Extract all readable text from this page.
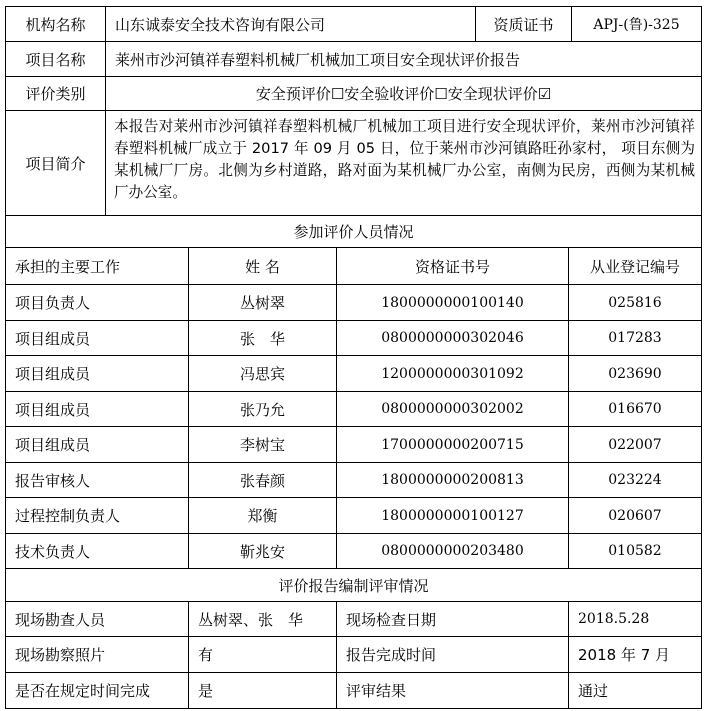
机构名称	山东诚泰安全技术咨询有限公司	资质证书	APJ-(鲁)-325
项目名称	莱州市沙河镇祥春塑料机械厂机械加工项目安全现状评价报告
评价类别	安全预评价☐安全验收评价☐安全现状评价☑
项目简介
本报告对莱州市沙河镇祥春塑料机械厂机械加工项目进行安全现状评价，莱州市沙河镇祥春塑料机械厂成立于 2017 年 09 月 05 日，位于莱州市沙河镇路旺孙家村， 项目东侧为某机械厂厂房。北侧为乡村道路，路对面为某机械厂办公室，南侧为民房，西侧为某机械厂办公室。
参加评价人员情况
承担的主要工作	姓 名	资格证书号	从业登记编号
项目负责人	丛树翠	1800000000100140	025816
项目组成员	张　华	0800000000302046	017283
项目组成员	冯思宾	1200000000301092	023690
项目组成员	张乃允	0800000000302002	016670
项目组成员	李树宝	1700000000200715	022007
报告审核人	张春颜	1800000000200813	023224
过程控制负责人	郑衡	1800000000100127	020607
技术负责人	靳兆安	0800000000203480	010582
评价报告编制评审情况
现场勘查人员	丛树翠、张　华	现场检查日期	2018.5.28
现场勘察照片	有	报告完成时间	2018 年 7 月
是否在规定时间完成	是	评审结果	通过
